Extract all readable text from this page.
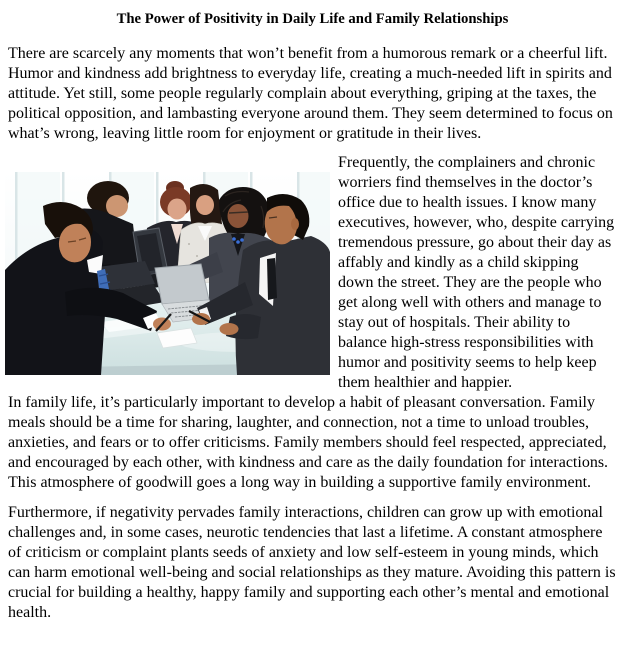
The Power of Positivity in Daily Life and Family Relationships

There are scarcely any moments that won’t benefit from a humorous remark or a cheerful lift. Humor and kindness add brightness to everyday life, creating a much-needed lift in spirits and attitude. Yet still, some people regularly complain about everything, griping at the taxes, the political opposition, and lambasting everyone around them. They seem determined to focus on what’s wrong, leaving little room for enjoyment or gratitude in their lives.

Frequently, the complainers and chronic worriers find themselves in the doctor’s office due to health issues. I know many executives, however, who, despite carrying tremendous pressure, go about their day as affably and kindly as a child skipping down the street. They are the people who get along well with others and manage to stay out of hospitals. Their ability to balance high-stress responsibilities with humor and positivity seems to help keep them healthier and happier.

In family life, it’s particularly important to develop a habit of pleasant conversation. Family meals should be a time for sharing, laughter, and connection, not a time to unload troubles, anxieties, and fears or to offer criticisms. Family members should feel respected, appreciated, and encouraged by each other, with kindness and care as the daily foundation for interactions. This atmosphere of goodwill goes a long way in building a supportive family environment.

Furthermore, if negativity pervades family interactions, children can grow up with emotional challenges and, in some cases, neurotic tendencies that last a lifetime. A constant atmosphere of criticism or complaint plants seeds of anxiety and low self-esteem in young minds, which can harm emotional well-being and social relationships as they mature. Avoiding this pattern is crucial for building a healthy, happy family and supporting each other’s mental and emotional health.
